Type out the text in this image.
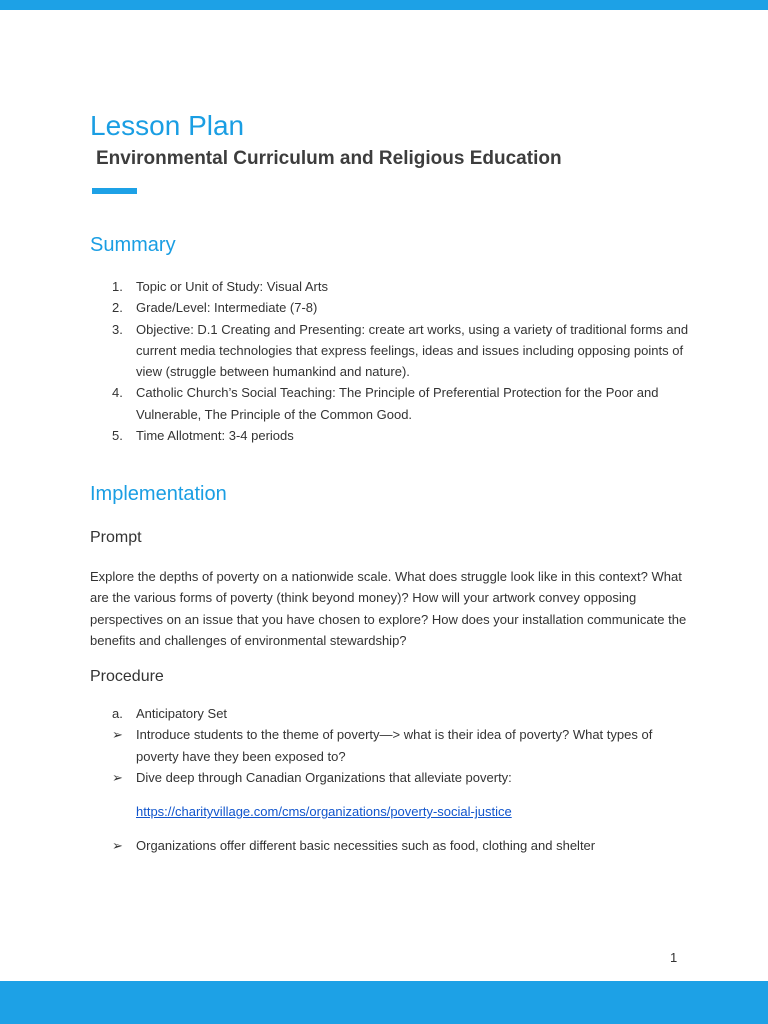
Lesson Plan
Environmental Curriculum and Religious Education
Summary
1. Topic or Unit of Study: Visual Arts
2. Grade/Level: Intermediate (7-8)
3. Objective: D.1 Creating and Presenting: create art works, using a variety of traditional forms and current media technologies that express feelings, ideas and issues including opposing points of view (struggle between humankind and nature).
4. Catholic Church’s Social Teaching: The Principle of Preferential Protection for the Poor and Vulnerable, The Principle of the Common Good.
5. Time Allotment: 3-4 periods
Implementation
Prompt

Explore the depths of poverty on a nationwide scale. What does struggle look like in this context? What are the various forms of poverty (think beyond money)? How will your artwork convey opposing perspectives on an issue that you have chosen to explore? How does your installation communicate the benefits and challenges of environmental stewardship?

Procedure
a. Anticipatory Set
➢ Introduce students to the theme of poverty—> what is their idea of poverty? What types of poverty have they been exposed to?
➢ Dive deep through Canadian Organizations that alleviate poverty:
https://charityvillage.com/cms/organizations/poverty-social-justice
➢ Organizations offer different basic necessities such as food, clothing and shelter
1
